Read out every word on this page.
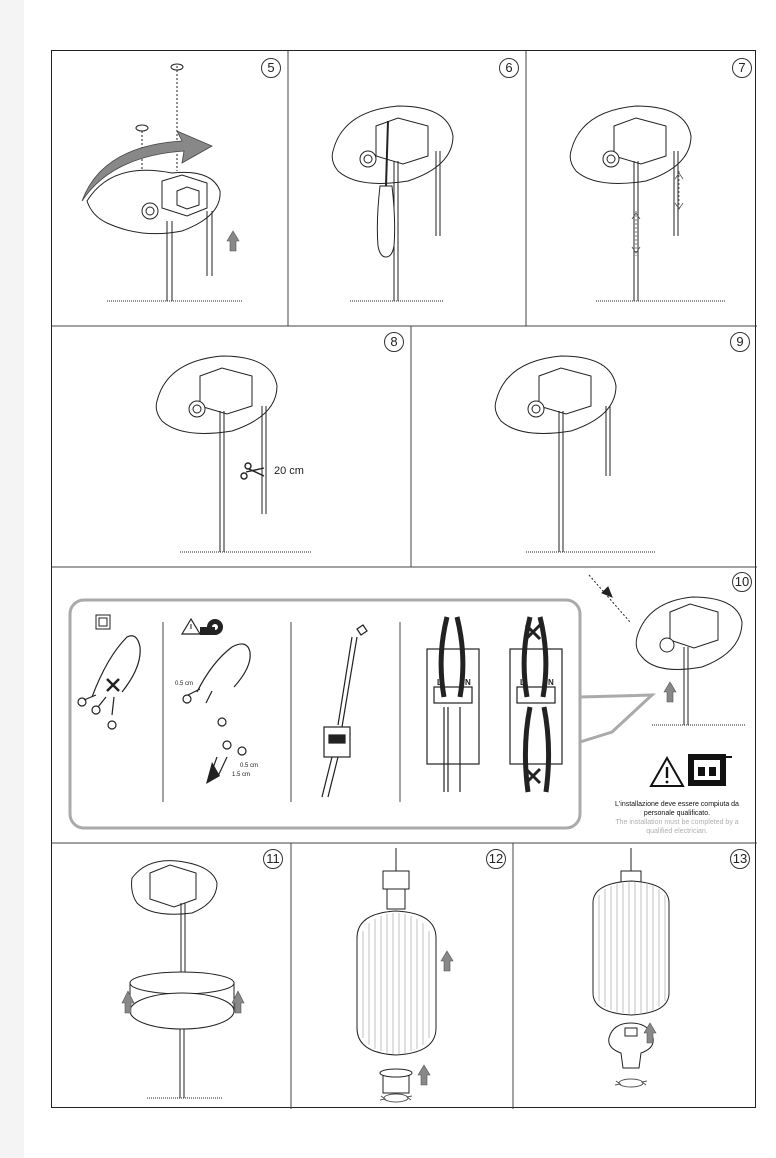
5	6	7
20 cm
8	9
0.5 cm
0.5 cm
1.5 cm
L	N	L	N
10
L'installazione deve essere compiuta da personale qualificato.
The installation must be completed by a qualified electrician.
11	12	13
